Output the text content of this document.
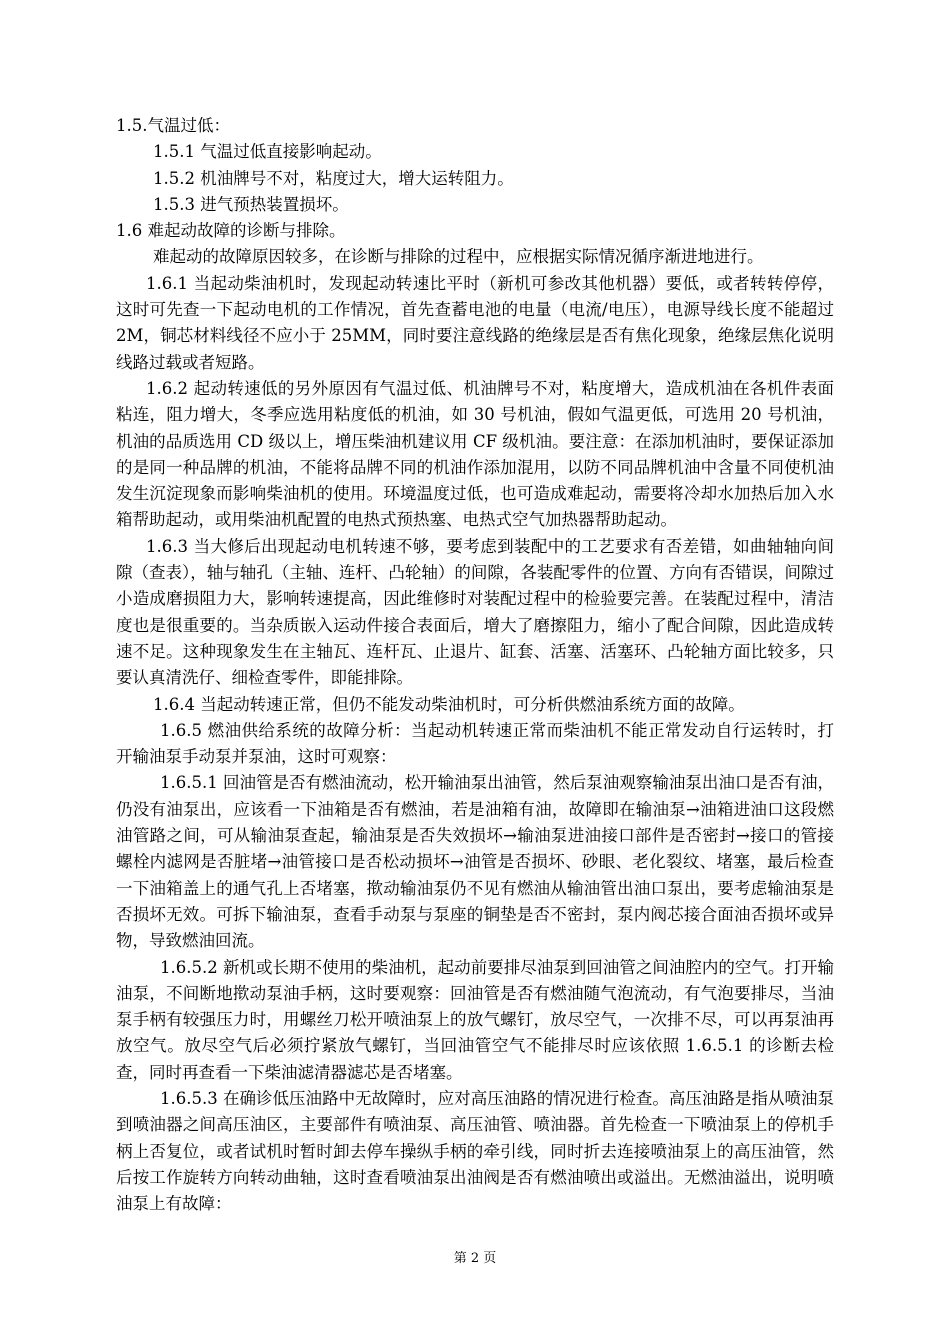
1.5.气温过低：

1.5.1 气温过低直接影响起动。

1.5.2 机油牌号不对，粘度过大，增大运转阻力。

1.5.3 进气预热装置损坏。

1.6 难起动故障的诊断与排除。

难起动的故障原因较多，在诊断与排除的过程中，应根据实际情况循序渐进地进行。

1.6.1 当起动柴油机时，发现起动转速比平时（新机可参改其他机器）要低，或者转转停停，这时可先查一下起动电机的工作情况，首先查蓄电池的电量（电流/电压），电源导线长度不能超过 2M，铜芯材料线径不应小于 25MM，同时要注意线路的绝缘层是否有焦化现象，绝缘层焦化说明线路过载或者短路。

1.6.2 起动转速低的另外原因有气温过低、机油牌号不对，粘度增大，造成机油在各机件表面粘连，阻力增大，冬季应选用粘度低的机油，如 30 号机油，假如气温更低，可选用 20 号机油，机油的品质选用 CD 级以上，增压柴油机建议用 CF 级机油。要注意：在添加机油时，要保证添加的是同一种品牌的机油，不能将品牌不同的机油作添加混用，以防不同品牌机油中含量不同使机油发生沉淀现象而影响柴油机的使用。环境温度过低，也可造成难起动，需要将冷却水加热后加入水箱帮助起动，或用柴油机配置的电热式预热塞、电热式空气加热器帮助起动。

1.6.3 当大修后出现起动电机转速不够，要考虑到装配中的工艺要求有否差错，如曲轴轴向间隙（查表），轴与轴孔（主轴、连杆、凸轮轴）的间隙，各装配零件的位置、方向有否错误，间隙过小造成磨损阻力大，影响转速提高，因此维修时对装配过程中的检验要完善。在装配过程中，清洁度也是很重要的。当杂质嵌入运动件接合表面后，增大了磨擦阻力，缩小了配合间隙，因此造成转速不足。这种现象发生在主轴瓦、连杆瓦、止退片、缸套、活塞、活塞环、凸轮轴方面比较多，只要认真清洗仔、细检查零件，即能排除。

1.6.4 当起动转速正常，但仍不能发动柴油机时，可分析供燃油系统方面的故障。

1.6.5 燃油供给系统的故障分析：当起动机转速正常而柴油机不能正常发动自行运转时，打开输油泵手动泵并泵油，这时可观察：

1.6.5.1 回油管是否有燃油流动，松开输油泵出油管，然后泵油观察输油泵出油口是否有油，仍没有油泵出，应该看一下油箱是否有燃油，若是油箱有油，故障即在输油泵→油箱进油口这段燃油管路之间，可从输油泵查起，输油泵是否失效损坏→输油泵进油接口部件是否密封→接口的管接螺栓内滤网是否脏堵→油管接口是否松动损坏→油管是否损坏、砂眼、老化裂纹、堵塞，最后检查一下油箱盖上的通气孔上否堵塞，揿动输油泵仍不见有燃油从输油管出油口泵出，要考虑输油泵是否损坏无效。可拆下输油泵，查看手动泵与泵座的铜垫是否不密封，泵内阀芯接合面油否损坏或异物，导致燃油回流。

1.6.5.2 新机或长期不使用的柴油机，起动前要排尽油泵到回油管之间油腔内的空气。打开输油泵，不间断地揿动泵油手柄，这时要观察：回油管是否有燃油随气泡流动，有气泡要排尽，当油泵手柄有较强压力时，用螺丝刀松开喷油泵上的放气螺钉，放尽空气，一次排不尽，可以再泵油再放空气。放尽空气后必须拧紧放气螺钉，当回油管空气不能排尽时应该依照 1.6.5.1 的诊断去检查，同时再查看一下柴油滤清器滤芯是否堵塞。

1.6.5.3 在确诊低压油路中无故障时，应对高压油路的情况进行检查。高压油路是指从喷油泵到喷油器之间高压油区，主要部件有喷油泵、高压油管、喷油器。首先检查一下喷油泵上的停机手柄上否复位，或者试机时暂时卸去停车操纵手柄的牵引线，同时折去连接喷油泵上的高压油管，然后按工作旋转方向转动曲轴，这时查看喷油泵出油阀是否有燃油喷出或溢出。无燃油溢出，说明喷油泵上有故障：

第 2 页
